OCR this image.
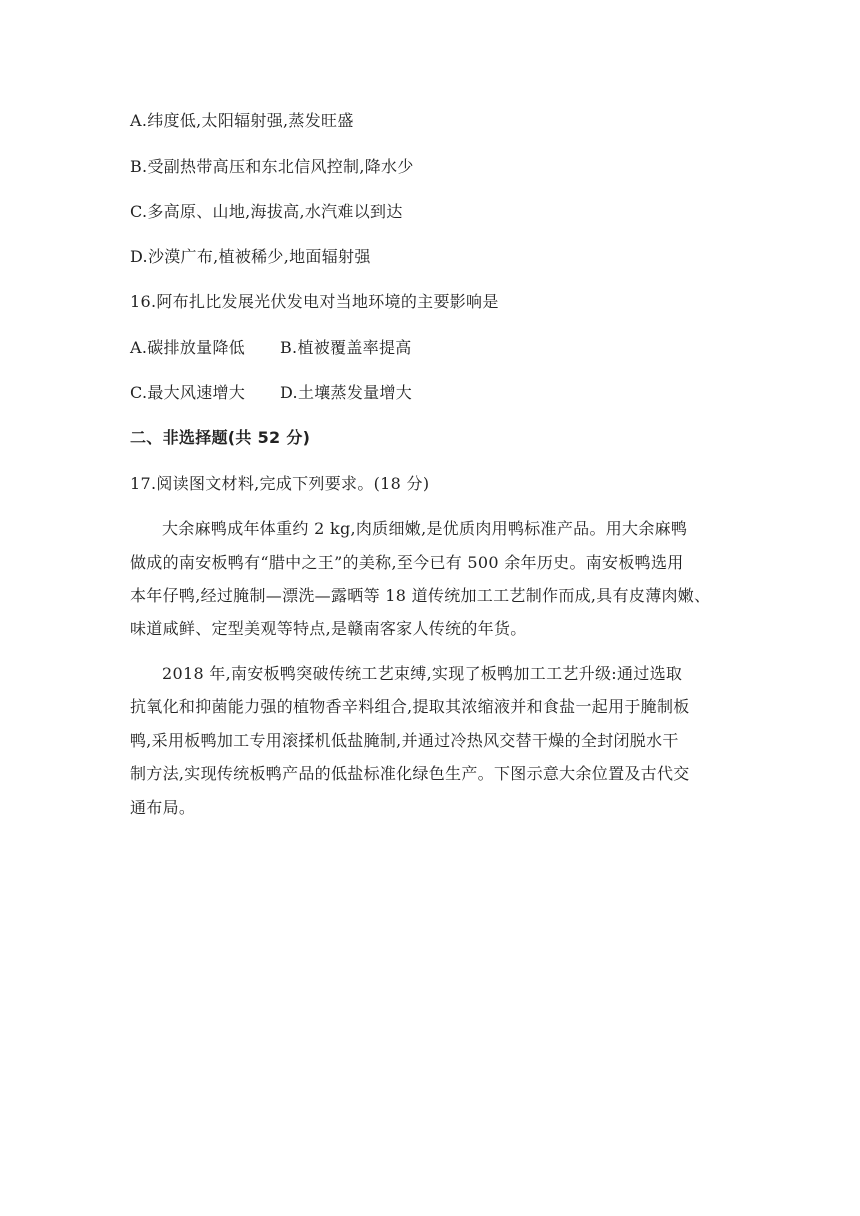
A.纬度低,太阳辐射强,蒸发旺盛
B.受副热带高压和东北信风控制,降水少
C.多高原、山地,海拔高,水汽难以到达
D.沙漠广布,植被稀少,地面辐射强
16.阿布扎比发展光伏发电对当地环境的主要影响是
A.碳排放量降低 B.植被覆盖率提高
C.最大风速增大 D.土壤蒸发量增大
二、非选择题(共 52 分)
17.阅读图文材料,完成下列要求。(18 分)
大余麻鸭成年体重约 2 kg,肉质细嫩,是优质肉用鸭标准产品。用大余麻鸭
做成的南安板鸭有“腊中之王”的美称,至今已有 500 余年历史。南安板鸭选用
本年仔鸭,经过腌制—漂洗—露晒等 18 道传统加工工艺制作而成,具有皮薄肉嫩、
味道咸鲜、定型美观等特点,是赣南客家人传统的年货。
2018 年,南安板鸭突破传统工艺束缚,实现了板鸭加工工艺升级:通过选取
抗氧化和抑菌能力强的植物香辛料组合,提取其浓缩液并和食盐一起用于腌制板
鸭,采用板鸭加工专用滚揉机低盐腌制,并通过冷热风交替干燥的全封闭脱水干
制方法,实现传统板鸭产品的低盐标准化绿色生产。下图示意大余位置及古代交
通布局。
